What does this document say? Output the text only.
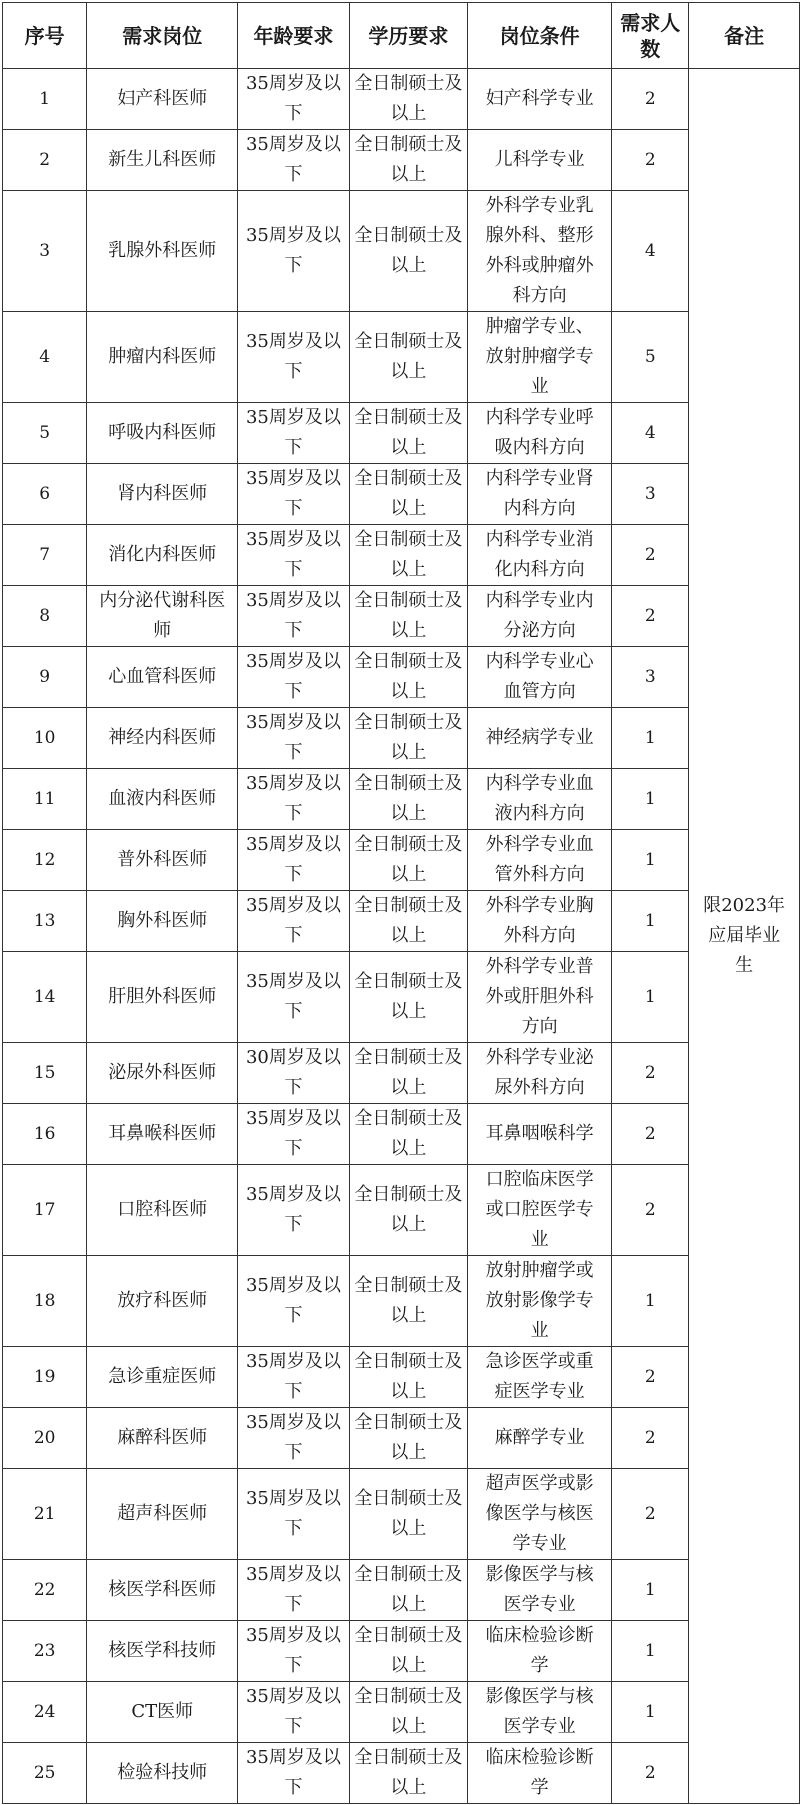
序号	需求岗位	年龄要求	学历要求	岗位条件	需求人数	备注
1	妇产科医师	35周岁及以下	全日制硕士及以上	妇产科学专业	2	限2023年应届毕业生
2	新生儿科医师	35周岁及以下	全日制硕士及以上	儿科学专业	2	
3	乳腺外科医师	35周岁及以下	全日制硕士及以上	外科学专业乳腺外科、整形外科或肿瘤外科方向	4	
4	肿瘤内科医师	35周岁及以下	全日制硕士及以上	肿瘤学专业、放射肿瘤学专业	5	
5	呼吸内科医师	35周岁及以下	全日制硕士及以上	内科学专业呼吸内科方向	4	
6	肾内科医师	35周岁及以下	全日制硕士及以上	内科学专业肾内科方向	3	
7	消化内科医师	35周岁及以下	全日制硕士及以上	内科学专业消化内科方向	2	
8	内分泌代谢科医师	35周岁及以下	全日制硕士及以上	内科学专业内分泌方向	2	
9	心血管科医师	35周岁及以下	全日制硕士及以上	内科学专业心血管方向	3	
10	神经内科医师	35周岁及以下	全日制硕士及以上	神经病学专业	1	
11	血液内科医师	35周岁及以下	全日制硕士及以上	内科学专业血液内科方向	1	
12	普外科医师	35周岁及以下	全日制硕士及以上	外科学专业血管外科方向	1	
13	胸外科医师	35周岁及以下	全日制硕士及以上	外科学专业胸外科方向	1	
14	肝胆外科医师	35周岁及以下	全日制硕士及以上	外科学专业普外或肝胆外科方向	1	
15	泌尿外科医师	30周岁及以下	全日制硕士及以上	外科学专业泌尿外科方向	2	
16	耳鼻喉科医师	35周岁及以下	全日制硕士及以上	耳鼻咽喉科学	2	
17	口腔科医师	35周岁及以下	全日制硕士及以上	口腔临床医学或口腔医学专业	2	
18	放疗科医师	35周岁及以下	全日制硕士及以上	放射肿瘤学或放射影像学专业	1	
19	急诊重症医师	35周岁及以下	全日制硕士及以上	急诊医学或重症医学专业	2	
20	麻醉科医师	35周岁及以下	全日制硕士及以上	麻醉学专业	2	
21	超声科医师	35周岁及以下	全日制硕士及以上	超声医学或影像医学与核医学专业	2	
22	核医学科医师	35周岁及以下	全日制硕士及以上	影像医学与核医学专业	1	
23	核医学科技师	35周岁及以下	全日制硕士及以上	临床检验诊断学	1	
24	CT医师	35周岁及以下	全日制硕士及以上	影像医学与核医学专业	1	
25	检验科技师	35周岁及以下	全日制硕士及以上	临床检验诊断学	2	
